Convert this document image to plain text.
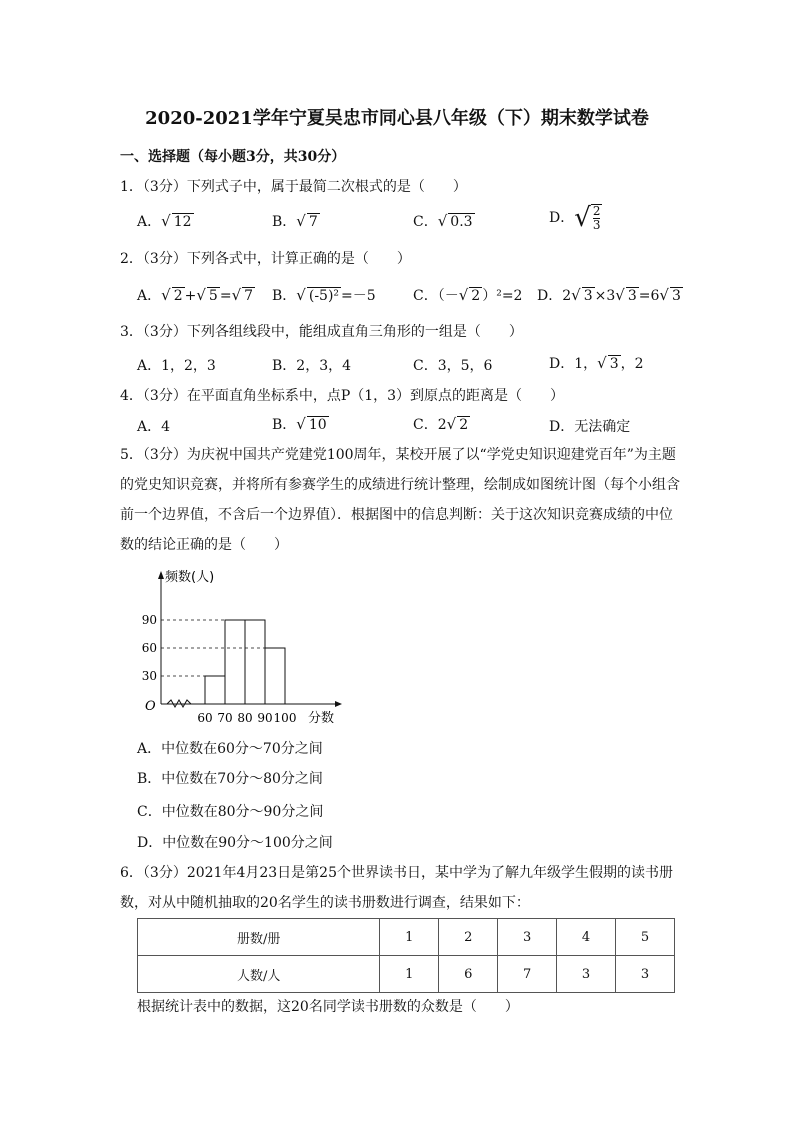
2020-2021学年宁夏吴忠市同心县八年级（下）期末数学试卷
一、选择题（每小题3分，共30分）
1．（3分）下列式子中，属于最简二次根式的是（　　）
A．√ 12	B．√ 7	C．√ 0.3	D．√ $\frac{2}{3}$
2．（3分）下列各式中，计算正确的是（　　）
A．√ 2 +√ 5 =√ 7 B．√ (-5)² =－5	C．（－√ 2 ）²=2 D．2√ 3 ×3√ 3 =6√ 3
3．（3分）下列各组线段中，能组成直角三角形的一组是（　　）
A．1，2，3	B．2，3，4	C．3，5，6	D．1，√ 3 ，2
4．（3分）在平面直角坐标系中，点P（1，3）到原点的距离是（　　）
A．4	B．√ 10	C．2√ 2	D．无法确定
5．（3分）为庆祝中国共产党建党100周年，某校开展了以“学党史知识迎建党百年”为主题的党史知识竞赛，并将所有参赛学生的成绩进行统计整理，绘制成如图统计图（每个小组含前一个边界值，不含后一个边界值）．根据图中的信息判断：关于这次知识竞赛成绩的中位数的结论正确的是（　　）
频数(人)
分数
O
30
60
90
60 70 80 90 100
A．中位数在60分～70分之间
B．中位数在70分～80分之间
C．中位数在80分～90分之间
D．中位数在90分～100分之间
6．（3分）2021年4月23日是第25个世界读书日，某中学为了解九年级学生假期的读书册数，对从中随机抽取的20名学生的读书册数进行调查，结果如下：
册数/册	1	2	3	4	5
人数/人	1	6	7	3	3
根据统计表中的数据，这20名同学读书册数的众数是（　　）
